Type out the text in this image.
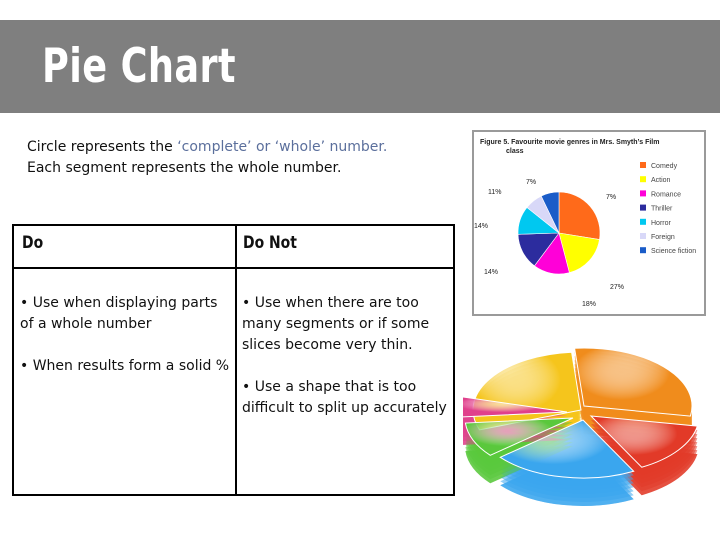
Pie Chart
Circle represents the ‘complete’ or ‘whole’ number.
Each segment represents the whole number.
Do	Do Not

• Use when displaying parts of a whole number

• When results form a solid %

• Use when there are too many segments or if some slices become very thin.

• Use a shape that is too difficult to split up accurately

Figure 5. Favourite movie genres in Mrs. Smyth’s Film
class
7%
27%
18%
14%
14%
11%
7%
Comedy
Action
Romance
Thriller
Horror
Foreign
Science fiction
